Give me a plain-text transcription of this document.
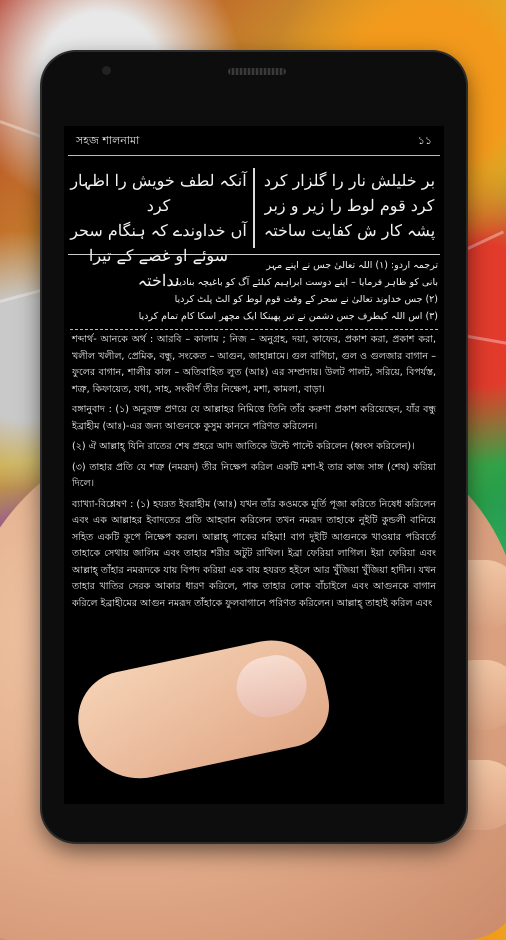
সহজ শালনামা	১১
آنکہ لطف خویش را اظہار کرد
آں خداوندے کہ ہنگام سحر
سوئے او غصے کے تیرا نداختہ
بر خلیلش نار را گلزار کرد
کرد قوم لوط را زیر و زبر
پشہ کار ش کفایت ساختہ

ترجمہ اردو: (۱) اللہ تعالیٰ جس نے اپنے مہر

بانی کو ظاہر فرمایا – اپنے دوست ابراہیم کیلئے آگ کو باغیچہ بنادیا

(۲) جس خداوند تعالیٰ نے سحر کے وقت قوم لوط کو الٹ پلٹ کردیا

(۳) اس اللہ کیطرف جس دشمن نے تیر پھینکا ایک مچھر اسکا کام تمام کردیا

শব্দার্থ- আনকে অর্থ : আরবি – কালাম ; নিজ – অনুগ্রহ, দয়া, কাফের, প্রকাশ করা, প্রকাশ করা, খলীল খলীল, প্রেমিক, বন্ধু, সংকেত – আগুন, জাহান্নামে। গুল বাগিচা, গুল ও গুলজার বাগান – ফুলের বাগান, শালীর কাল – অতিবাহিত লুত (আঃ) এর সম্প্রদায়। উলট পালট, সরিয়ে, বিপর্যস্ত, শত্রু, কিফায়েত, যথা, সাহ, সংকীর্ণ তীর নিক্ষেপ, মশা, কামলা, বাড়া।

বঙ্গানুবাদ : (১) অনুরক্ত প্রণয়ে যে আল্লাহর নিমিত্তে তিনি তাঁর করুণা প্রকাশ করিয়েছেন, যাঁর বন্ধু ইব্রাহীম (আঃ)-এর জন্য আগুনকে কুসুম কাননে পরিণত করিলেন।

(২) ঐ আল্লাহ্‌ যিনি রাতের শেষ প্রহরে আদ জাতিকে উল্টে পাল্টে করিলেন (ধ্বংস করিলেন)।

(৩) তাহার প্রতি যে শত্রু (নমরূদ) তীর নিক্ষেপ করিল একটি মশা-ই তার কাজ সাঙ্গ (শেষ) করিয়া দিলে।

ব্যাখ্যা-বিশ্লেষণ : (১) হযরত ইবরাহীম (আঃ) যখন তাঁর কওমকে মূর্তি পূজা করিতে নিষেধ করিলেন এবং এক আল্লাহর ইবাদতের প্রতি আহবান করিলেন তখন নমরূদ তাহাকে নুইটি কুন্ডলী বানিয়ে সহিত একটি কূপে নিক্ষেপ করল। আল্লাহ্‌ পাকের মহিমা! বাগ দুইটি আগুনকে খাওয়ার পরিবর্তে তাহাকে সেথায় জালিম এবং তাহার শরীর অটুট রাখিল। ইব্রা ফেরিয়া লাগিল। ইয়া ফেরিয়া এবং আল্লাহ্‌ তাঁহার নমরূদকে যায় বিপদ করিয়া এক বায় হযরত হইলে আর খুঁজিয়া খুঁজিয়া হাদীন। যখন তাহার খাতির সেরক আকার ধারণ করিলে, পাক তাহার লোক বাঁচাইলে এবং আগুনকে বাগান করিলে ইব্রাহীমের আগুন নমরূদ তাঁহাকে ফুলবাগানে পরিণত করিলেন। আল্লাহ্‌ তাহাই করিল এবং
